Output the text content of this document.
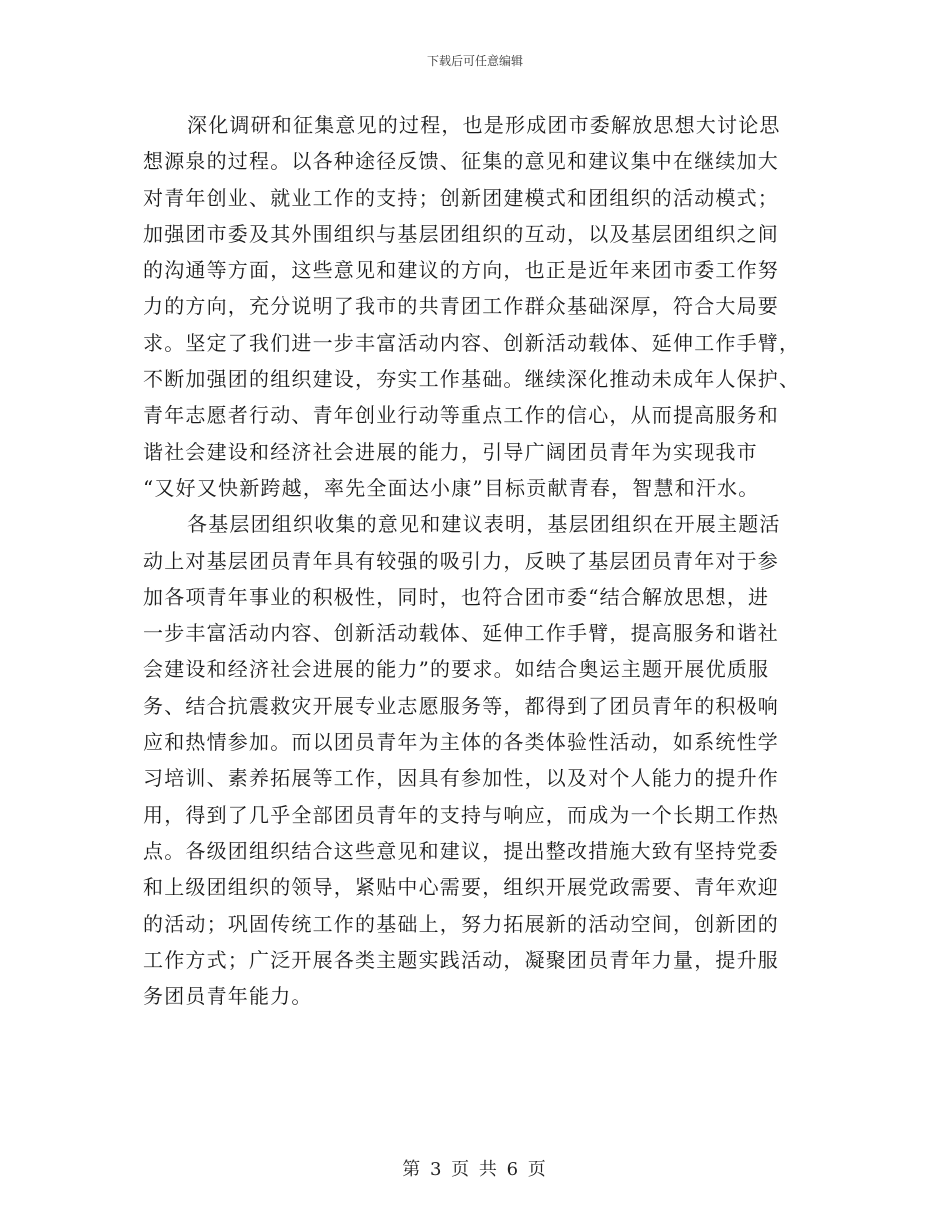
下载后可任意编辑
深化调研和征集意见的过程，也是形成团市委解放思想大讨论思
想源泉的过程。以各种途径反馈、征集的意见和建议集中在继续加大
对青年创业、就业工作的支持；创新团建模式和团组织的活动模式；
加强团市委及其外围组织与基层团组织的互动，以及基层团组织之间
的沟通等方面，这些意见和建议的方向，也正是近年来团市委工作努
力的方向，充分说明了我市的共青团工作群众基础深厚，符合大局要
求。坚定了我们进一步丰富活动内容、创新活动载体、延伸工作手臂，
不断加强团的组织建设，夯实工作基础。继续深化推动未成年人保护、
青年志愿者行动、青年创业行动等重点工作的信心，从而提高服务和
谐社会建设和经济社会进展的能力，引导广阔团员青年为实现我市
“又好又快新跨越，率先全面达小康”目标贡献青春，智慧和汗水。
各基层团组织收集的意见和建议表明，基层团组织在开展主题活
动上对基层团员青年具有较强的吸引力，反映了基层团员青年对于参
加各项青年事业的积极性，同时，也符合团市委“结合解放思想，进
一步丰富活动内容、创新活动载体、延伸工作手臂，提高服务和谐社
会建设和经济社会进展的能力”的要求。如结合奥运主题开展优质服
务、结合抗震救灾开展专业志愿服务等，都得到了团员青年的积极响
应和热情参加。而以团员青年为主体的各类体验性活动，如系统性学
习培训、素养拓展等工作，因具有参加性，以及对个人能力的提升作
用，得到了几乎全部团员青年的支持与响应，而成为一个长期工作热
点。各级团组织结合这些意见和建议，提出整改措施大致有坚持党委
和上级团组织的领导，紧贴中心需要，组织开展党政需要、青年欢迎
的活动；巩固传统工作的基础上，努力拓展新的活动空间，创新团的
工作方式；广泛开展各类主题实践活动，凝聚团员青年力量，提升服
务团员青年能力。
第 3 页 共 6 页
